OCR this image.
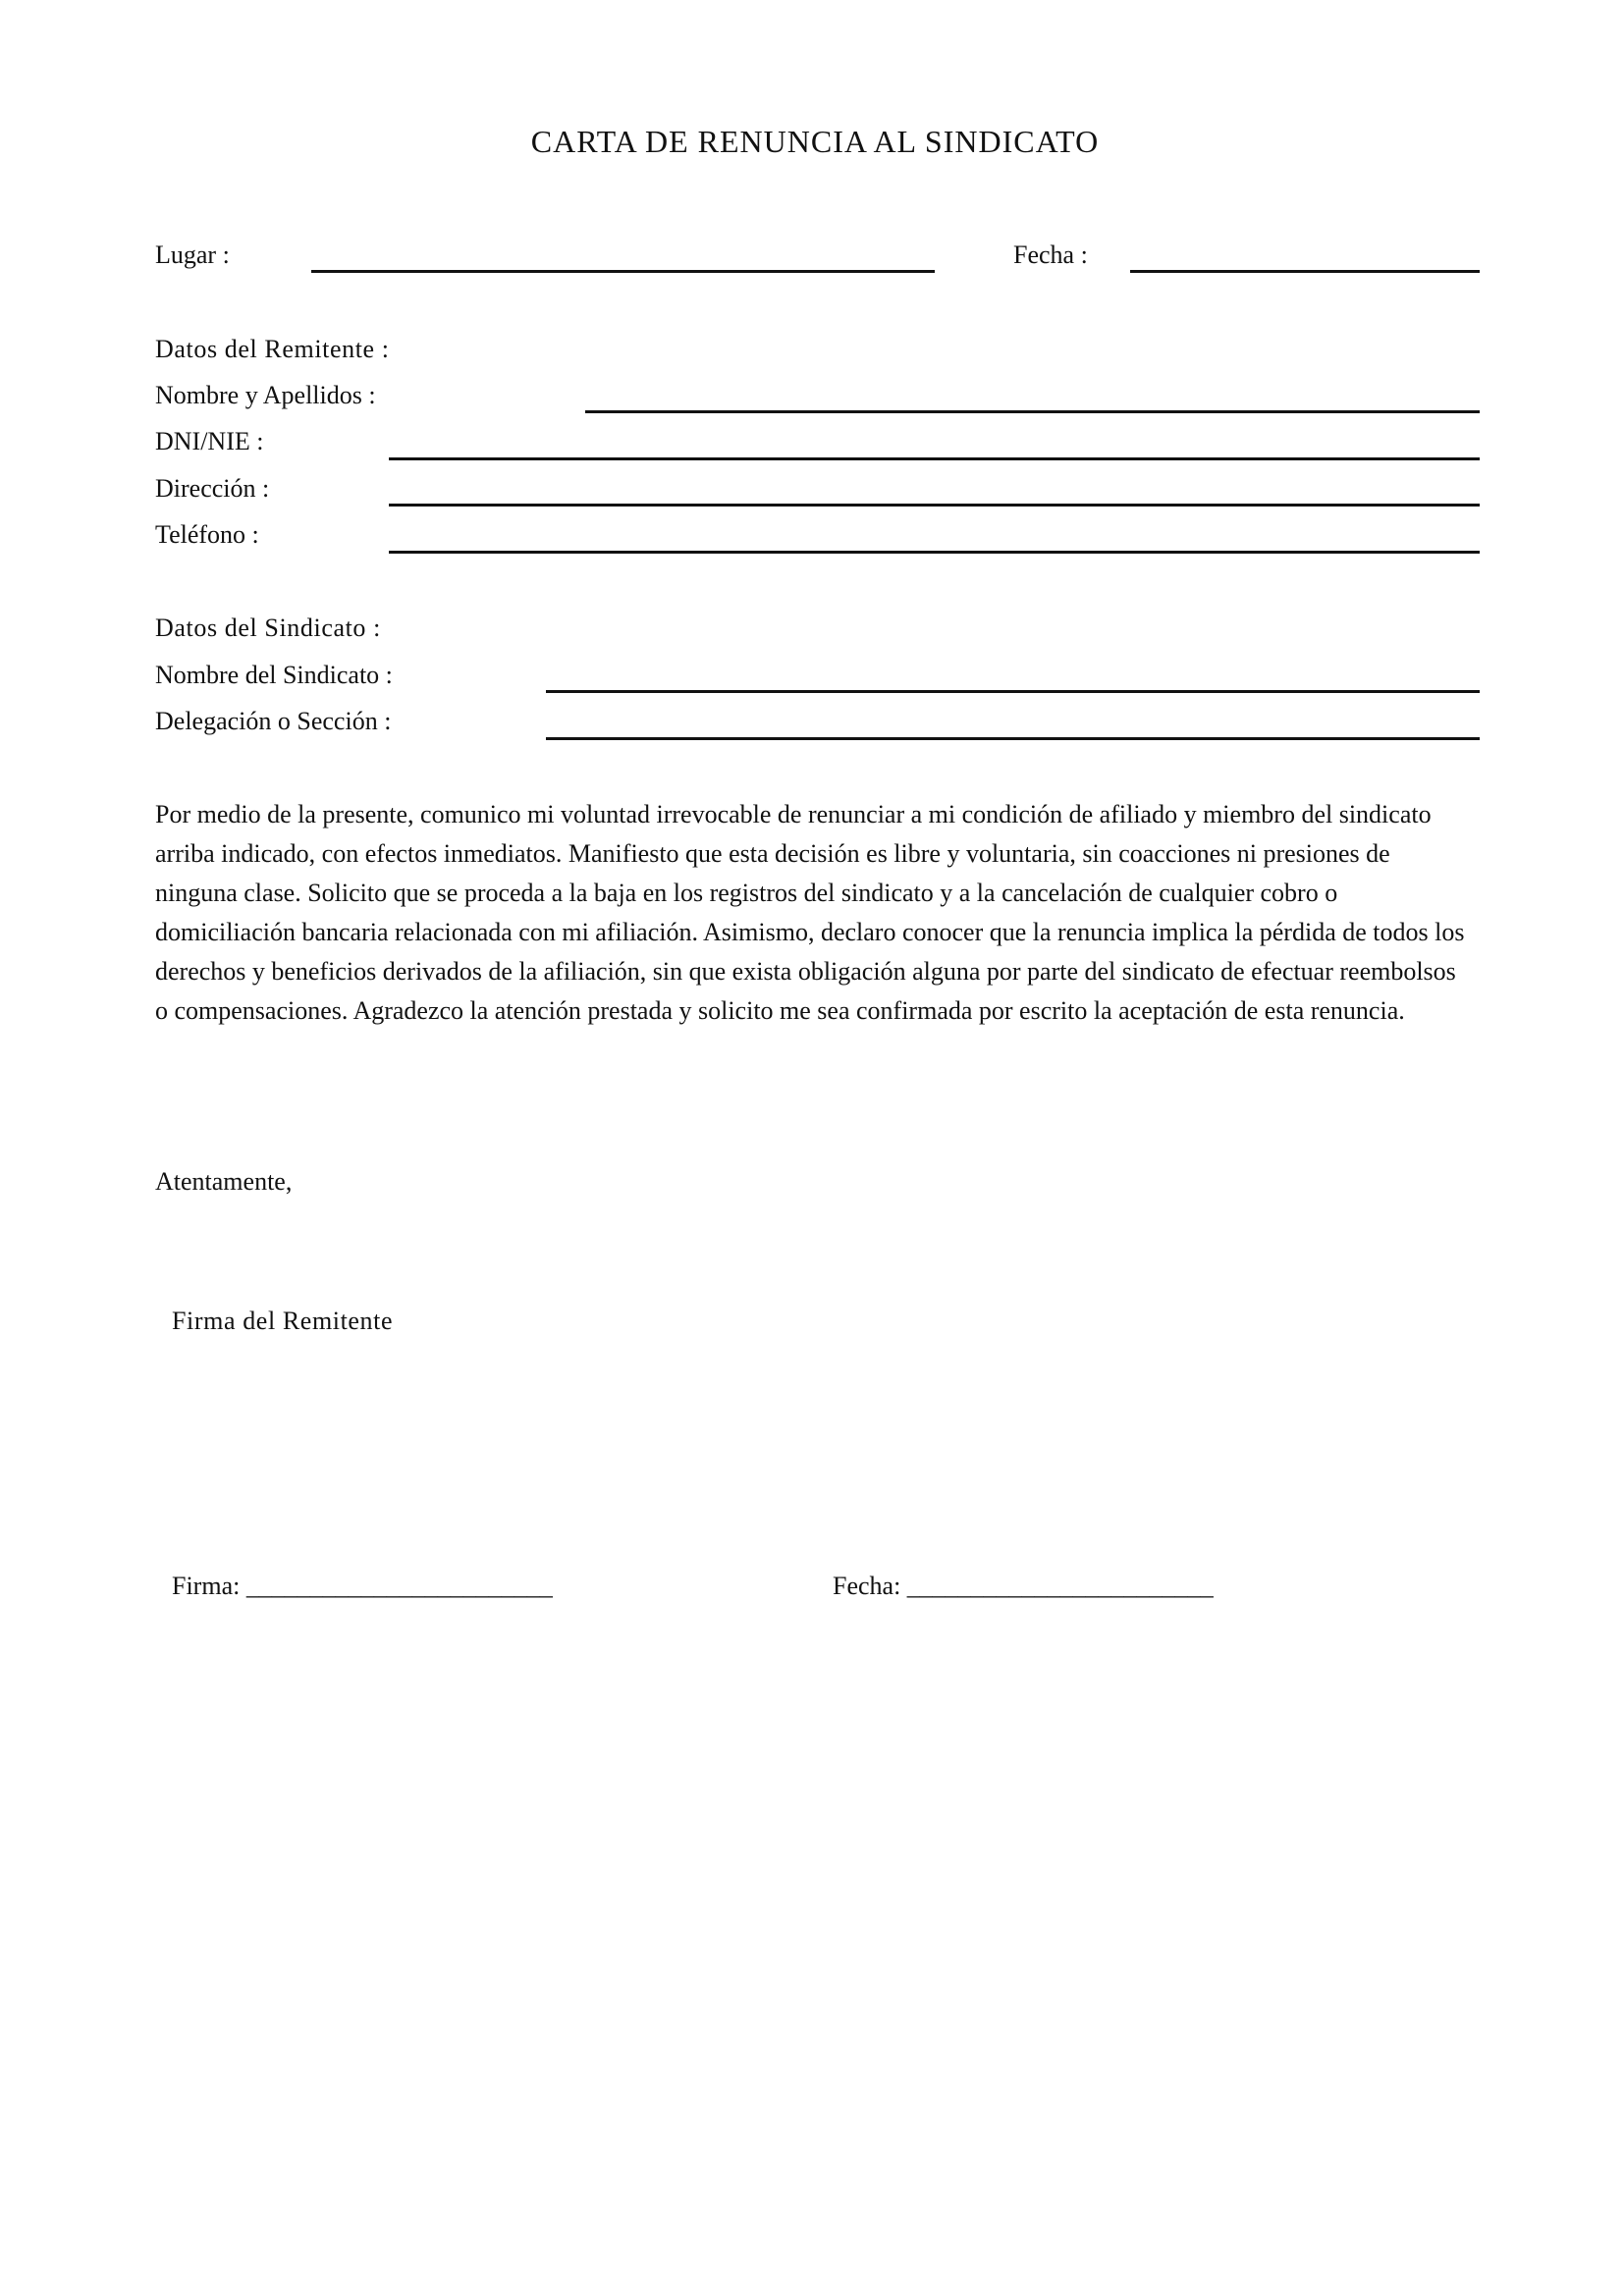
CARTA DE RENUNCIA AL SINDICATO
Lugar :	Fecha :
Datos del Remitente :
Nombre y Apellidos :
DNI/NIE :
Dirección :
Teléfono :
Datos del Sindicato :
Nombre del Sindicato :
Delegación o Sección :
Por medio de la presente, comunico mi voluntad irrevocable de renunciar a mi condición de afiliado y miembro del sindicato arriba indicado, con efectos inmediatos. Manifiesto que esta decisión es libre y voluntaria, sin coacciones ni presiones de ninguna clase. Solicito que se proceda a la baja en los registros del sindicato y a la cancelación de cualquier cobro o domiciliación bancaria relacionada con mi afiliación. Asimismo, declaro conocer que la renuncia implica la pérdida de todos los derechos y beneficios derivados de la afiliación, sin que exista obligación alguna por parte del sindicato de efectuar reembolsos o compensaciones. Agradezco la atención prestada y solicito me sea confirmada por escrito la aceptación de esta renuncia.
Atentamente,
Firma del Remitente
Firma: ________________________	Fecha: ________________________
